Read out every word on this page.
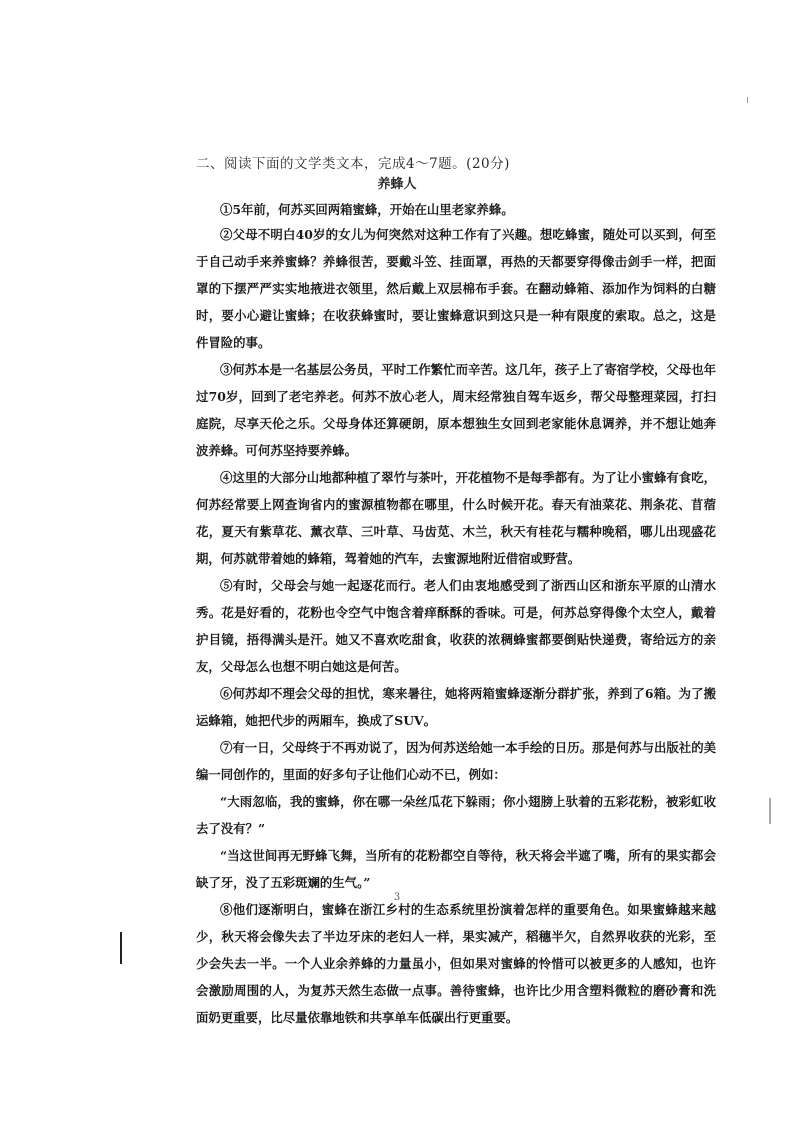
二、阅读下面的文学类文本，完成4～7题。(20分)
养蜂人

①5年前，何苏买回两箱蜜蜂，开始在山里老家养蜂。

②父母不明白40岁的女儿为何突然对这种工作有了兴趣。想吃蜂蜜，随处可以买到，何至于自己动手来养蜜蜂？养蜂很苦，要戴斗笠、挂面罩，再热的天都要穿得像击剑手一样，把面罩的下摆严严实实地掖进衣领里，然后戴上双层棉布手套。在翻动蜂箱、添加作为饲料的白糖时，要小心避让蜜蜂；在收获蜂蜜时，要让蜜蜂意识到这只是一种有限度的索取。总之，这是件冒险的事。

③何苏本是一名基层公务员，平时工作繁忙而辛苦。这几年，孩子上了寄宿学校，父母也年过70岁，回到了老宅养老。何苏不放心老人，周末经常独自驾车返乡，帮父母整理菜园，打扫庭院，尽享天伦之乐。父母身体还算硬朗，原本想独生女回到老家能休息调养，并不想让她奔波养蜂。可何苏坚持要养蜂。

④这里的大部分山地都种植了翠竹与茶叶，开花植物不是每季都有。为了让小蜜蜂有食吃，何苏经常要上网查询省内的蜜源植物都在哪里，什么时候开花。春天有油菜花、荆条花、苜蓿花，夏天有紫草花、薰衣草、三叶草、马齿苋、木兰，秋天有桂花与糯种晚稻，哪儿出现盛花期，何苏就带着她的蜂箱，驾着她的汽车，去蜜源地附近借宿或野营。

⑤有时，父母会与她一起逐花而行。老人们由衷地感受到了浙西山区和浙东平原的山清水秀。花是好看的，花粉也令空气中饱含着痒酥酥的香味。可是，何苏总穿得像个太空人，戴着护目镜，捂得满头是汗。她又不喜欢吃甜食，收获的浓稠蜂蜜都要倒贴快递费，寄给远方的亲友，父母怎么也想不明白她这是何苦。

⑥何苏却不理会父母的担忧，寒来暑往，她将两箱蜜蜂逐渐分群扩张，养到了6箱。为了搬运蜂箱，她把代步的两厢车，换成了SUV。

⑦有一日，父母终于不再劝说了，因为何苏送给她一本手绘的日历。那是何苏与出版社的美编一同创作的，里面的好多句子让他们心动不已，例如：

“大雨忽临，我的蜜蜂，你在哪一朵丝瓜花下躲雨；你小翅膀上驮着的五彩花粉，被彩虹收去了没有？”

“当这世间再无野蜂飞舞，当所有的花粉都空自等待，秋天将会半遮了嘴，所有的果实都会缺了牙，没了五彩斑斓的生气。”

⑧他们逐渐明白，蜜蜂在浙江乡村的生态系统里扮演着怎样的重要角色。如果蜜蜂越来越少，秋天将会像失去了半边牙床的老妇人一样，果实减产，稻穗半欠，自然界收获的光彩，至少会失去一半。一个人业余养蜂的力量虽小，但如果对蜜蜂的怜惜可以被更多的人感知，也许会激励周围的人，为复苏天然生态做一点事。善待蜜蜂，也许比少用含塑料微粒的磨砂膏和洗面奶更重要，比尽量依靠地铁和共享单车低碳出行更重要。

3
